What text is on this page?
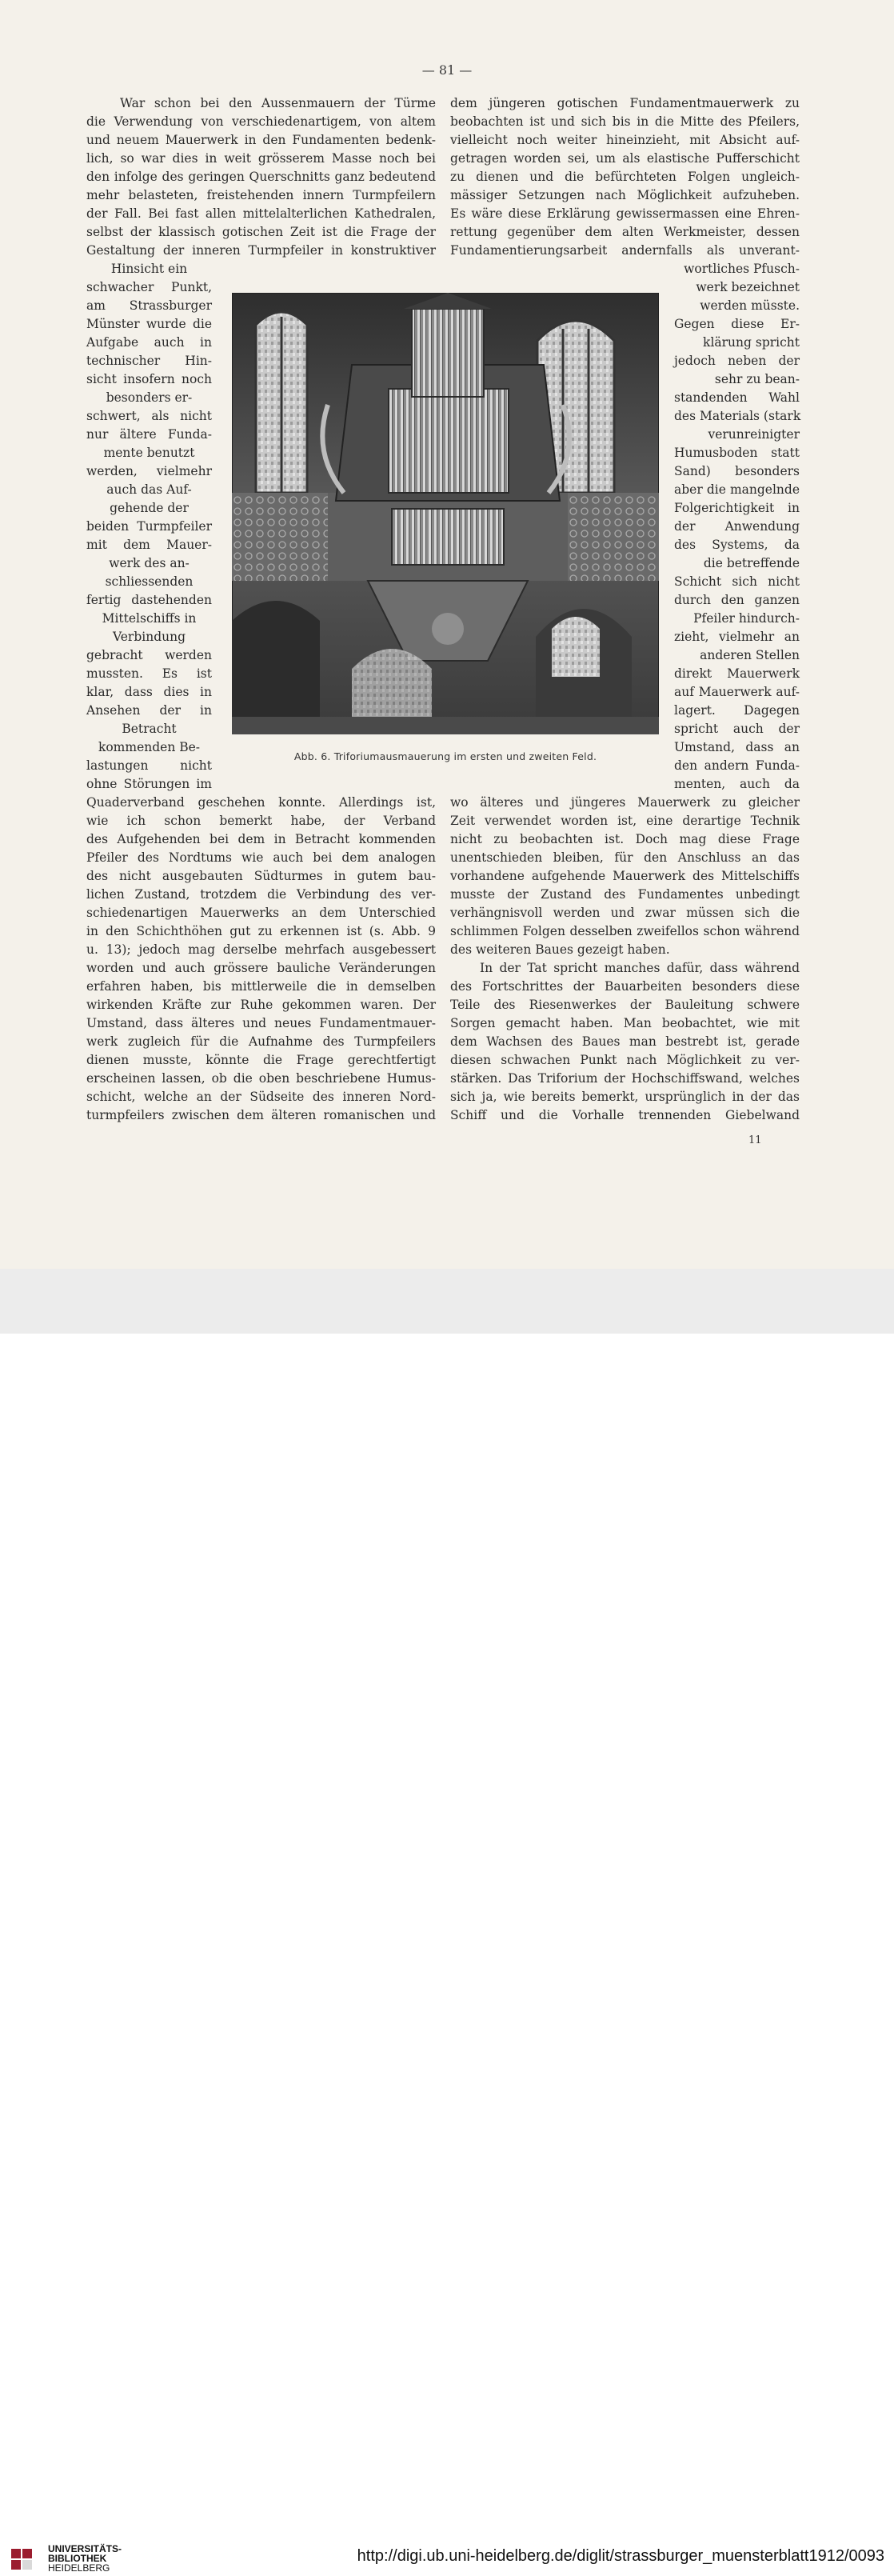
— 81 —
War schon bei den Aussenmauern der Türme
die Verwendung von verschiedenartigem, von altem
und neuem Mauerwerk in den Fundamenten bedenk-
lich, so war dies in weit grösserem Masse noch bei
den infolge des geringen Querschnitts ganz bedeutend
mehr belasteten, freistehenden innern Turmpfeilern
der Fall. Bei fast allen mittelalterlichen Kathedralen,
selbst der klassisch gotischen Zeit ist die Frage der
Gestaltung der inneren Turmpfeiler in konstruktiver
dem jüngeren gotischen Fundamentmauerwerk zu
beobachten ist und sich bis in die Mitte des Pfeilers,
vielleicht noch weiter hineinzieht, mit Absicht auf-
getragen worden sei, um als elastische Pufferschicht
zu dienen und die befürchteten Folgen ungleich-
mässiger Setzungen nach Möglichkeit aufzuheben.
Es wäre diese Erklärung gewissermassen eine Ehren-
rettung gegenüber dem alten Werkmeister, dessen
Fundamentierungsarbeit andernfalls als unverant-
Hinsicht ein
schwacher Punkt,
am Strassburger
Münster wurde die
Aufgabe auch in
technischer Hin-
sicht insofern noch
besonders er-
schwert, als nicht
nur ältere Funda-
mente benutzt
werden, vielmehr
auch das Auf-
gehende der
beiden Turmpfeiler
mit dem Mauer-
werk des an-
schliessenden
fertig dastehenden
Mittelschiffs in
Verbindung
gebracht werden
mussten. Es ist
klar, dass dies in
Ansehen der in
Betracht
kommenden Be-
lastungen nicht
ohne Störungen im
wortliches Pfusch-
werk bezeichnet
werden müsste.
Gegen diese Er-
klärung spricht
jedoch neben der
sehr zu bean-
standenden Wahl
des Materials (stark
verunreinigter
Humusboden statt
Sand) besonders
aber die mangelnde
Folgerichtigkeit in
der Anwendung
des Systems, da
die betreffende
Schicht sich nicht
durch den ganzen
Pfeiler hindurch-
zieht, vielmehr an
anderen Stellen
direkt Mauerwerk
auf Mauerwerk auf-
lagert. Dagegen
spricht auch der
Umstand, dass an
den andern Funda-
menten, auch da
Quaderverband geschehen konnte. Allerdings ist,
wie ich schon bemerkt habe, der Verband
des Aufgehenden bei dem in Betracht kommenden
Pfeiler des Nordtums wie auch bei dem analogen
des nicht ausgebauten Südturmes in gutem bau-
lichen Zustand, trotzdem die Verbindung des ver-
schiedenartigen Mauerwerks an dem Unterschied
in den Schichthöhen gut zu erkennen ist (s. Abb. 9
u. 13); jedoch mag derselbe mehrfach ausgebessert
worden und auch grössere bauliche Veränderungen
erfahren haben, bis mittlerweile die in demselben
wirkenden Kräfte zur Ruhe gekommen waren. Der
Umstand, dass älteres und neues Fundamentmauer-
werk zugleich für die Aufnahme des Turmpfeilers
dienen musste, könnte die Frage gerechtfertigt
erscheinen lassen, ob die oben beschriebene Humus-
schicht, welche an der Südseite des inneren Nord-
turmpfeilers zwischen dem älteren romanischen und
wo älteres und jüngeres Mauerwerk zu gleicher
Zeit verwendet worden ist, eine derartige Technik
nicht zu beobachten ist. Doch mag diese Frage
unentschieden bleiben, für den Anschluss an das
vorhandene aufgehende Mauerwerk des Mittelschiffs
musste der Zustand des Fundamentes unbedingt
verhängnisvoll werden und zwar müssen sich die
schlimmen Folgen desselben zweifellos schon während
des weiteren Baues gezeigt haben.
In der Tat spricht manches dafür, dass während
des Fortschrittes der Bauarbeiten besonders diese
Teile des Riesenwerkes der Bauleitung schwere
Sorgen gemacht haben. Man beobachtet, wie mit
dem Wachsen des Baues man bestrebt ist, gerade
diesen schwachen Punkt nach Möglichkeit zu ver-
stärken. Das Triforium der Hochschiffswand, welches
sich ja, wie bereits bemerkt, ursprünglich in der das
Schiff und die Vorhalle trennenden Giebelwand
Abb. 6. Triforiumausmauerung im ersten und zweiten Feld.
11
UNIVERSITÄTS-
BIBLIOTHEK
HEIDELBERG
http://digi.ub.uni-heidelberg.de/diglit/strassburger_muensterblatt1912/0093
